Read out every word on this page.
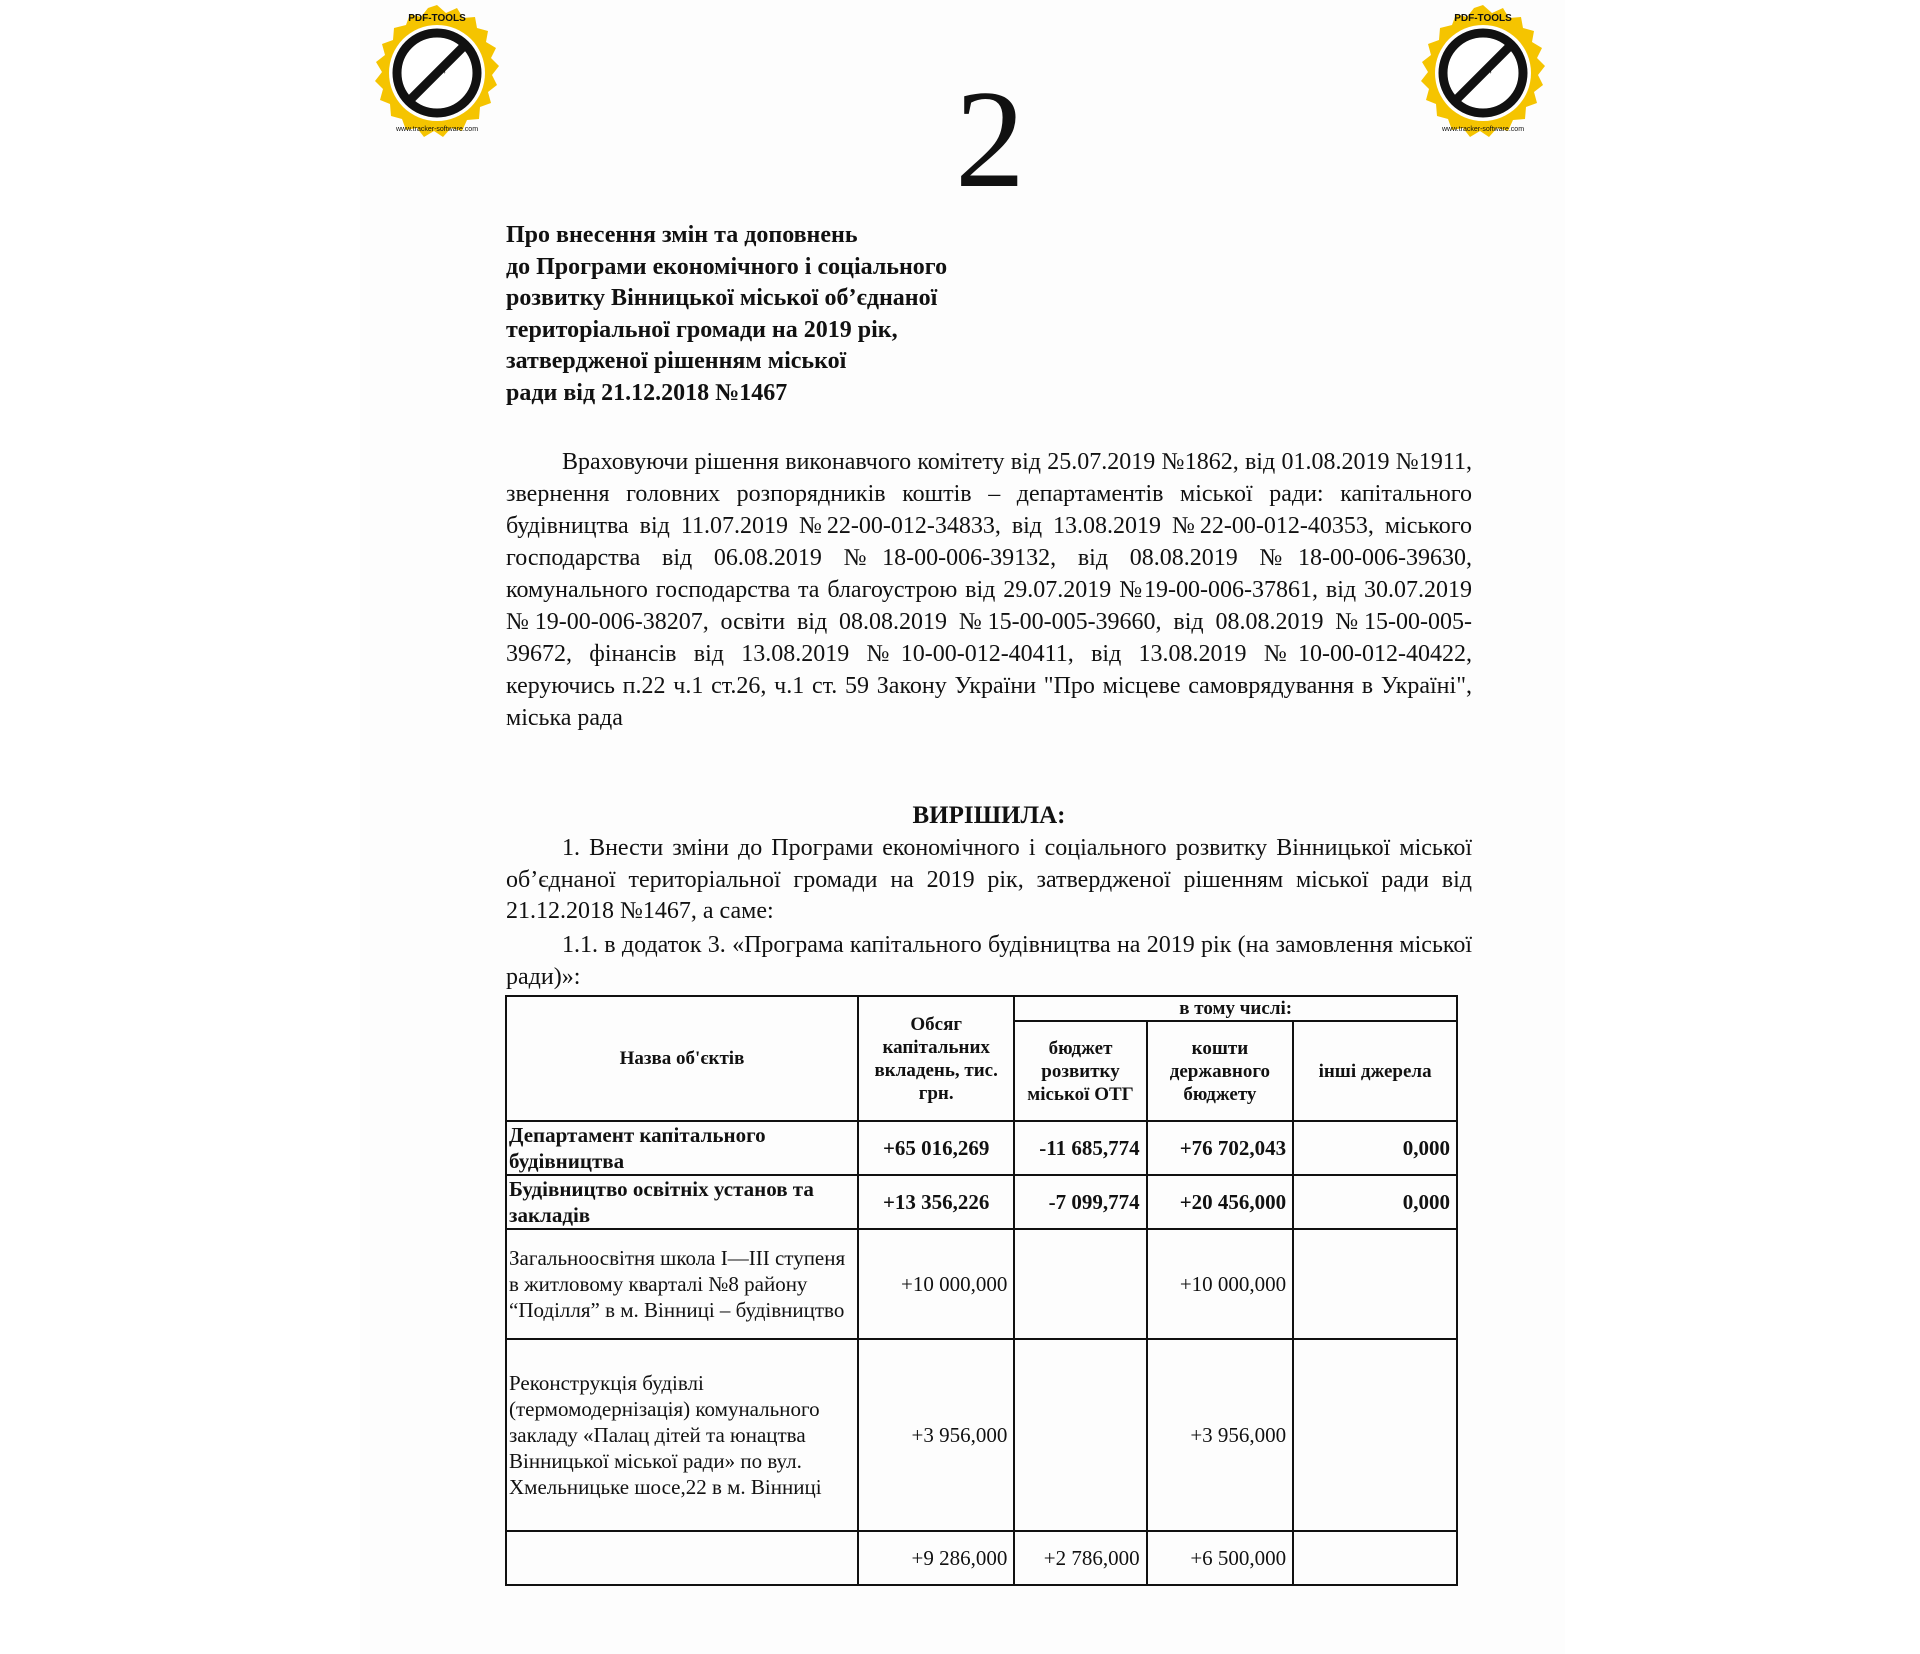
PDF-TOOLS
Click to buy NOW!
www.tracker-software.com
PDF-TOOLS
Click to buy NOW!
www.tracker-software.com
2
Про внесення змін та доповнень
до Програми економічного і соціального
розвитку Вінницької міської об’єднаної
територіальної громади на 2019 рік,
затвердженої рішенням міської
ради від 21.12.2018 №1467
Враховуючи рішення виконавчого комітету від 25.07.2019 №1862, від 01.08.2019 №1911, звернення головних розпорядників коштів – департаментів міської ради: капітального будівництва від 11.07.2019 №22-00-012-34833, від 13.08.2019 №22-00-012-40353, міського господарства від 06.08.2019 №18-00-006-39132, від 08.08.2019 №18-00-006-39630, комунального господарства та благоустрою від 29.07.2019 №19-00-006-37861, від 30.07.2019 №19-00-006-38207, освіти від 08.08.2019 №15-00-005-39660, від 08.08.2019 №15-00-005-39672, фінансів від 13.08.2019 №10-00-012-40411, від 13.08.2019 №10-00-012-40422, керуючись п.22 ч.1 ст.26, ч.1 ст. 59 Закону України "Про місцеве самоврядування в Україні", міська рада
ВИРІШИЛА:
1. Внести зміни до Програми економічного і соціального розвитку Вінницької міської об’єднаної територіальної громади на 2019 рік, затвердженої рішенням міської ради від 21.12.2018 №1467, а саме:
1.1. в додаток 3. «Програма капітального будівництва на 2019 рік (на замовлення міської ради)»:
Назва об'єктів	Обсяг капітальних вкладень, тис. грн.	в тому числі:		
		бюджет розвитку міської ОТГ	кошти державного бюджету	інші джерела
Департамент капітального будівництва	+65 016,269	-11 685,774	+76 702,043	0,000
Будівництво освітніх установ та закладів	+13 356,226	-7 099,774	+20 456,000	0,000
Загальноосвітня школа І—ІІІ ступеня в житловому кварталі №8 району “Поділля” в м. Вінниці – будівництво	+10 000,000		+10 000,000	
Реконструкція будівлі (термомодернізація) комунального закладу «Палац дітей та юнацтва Вінницької міської ради» по вул. Хмельницьке шосе,22 в м. Вінниці	+3 956,000		+3 956,000	
	+9 286,000	+2 786,000	+6 500,000	
